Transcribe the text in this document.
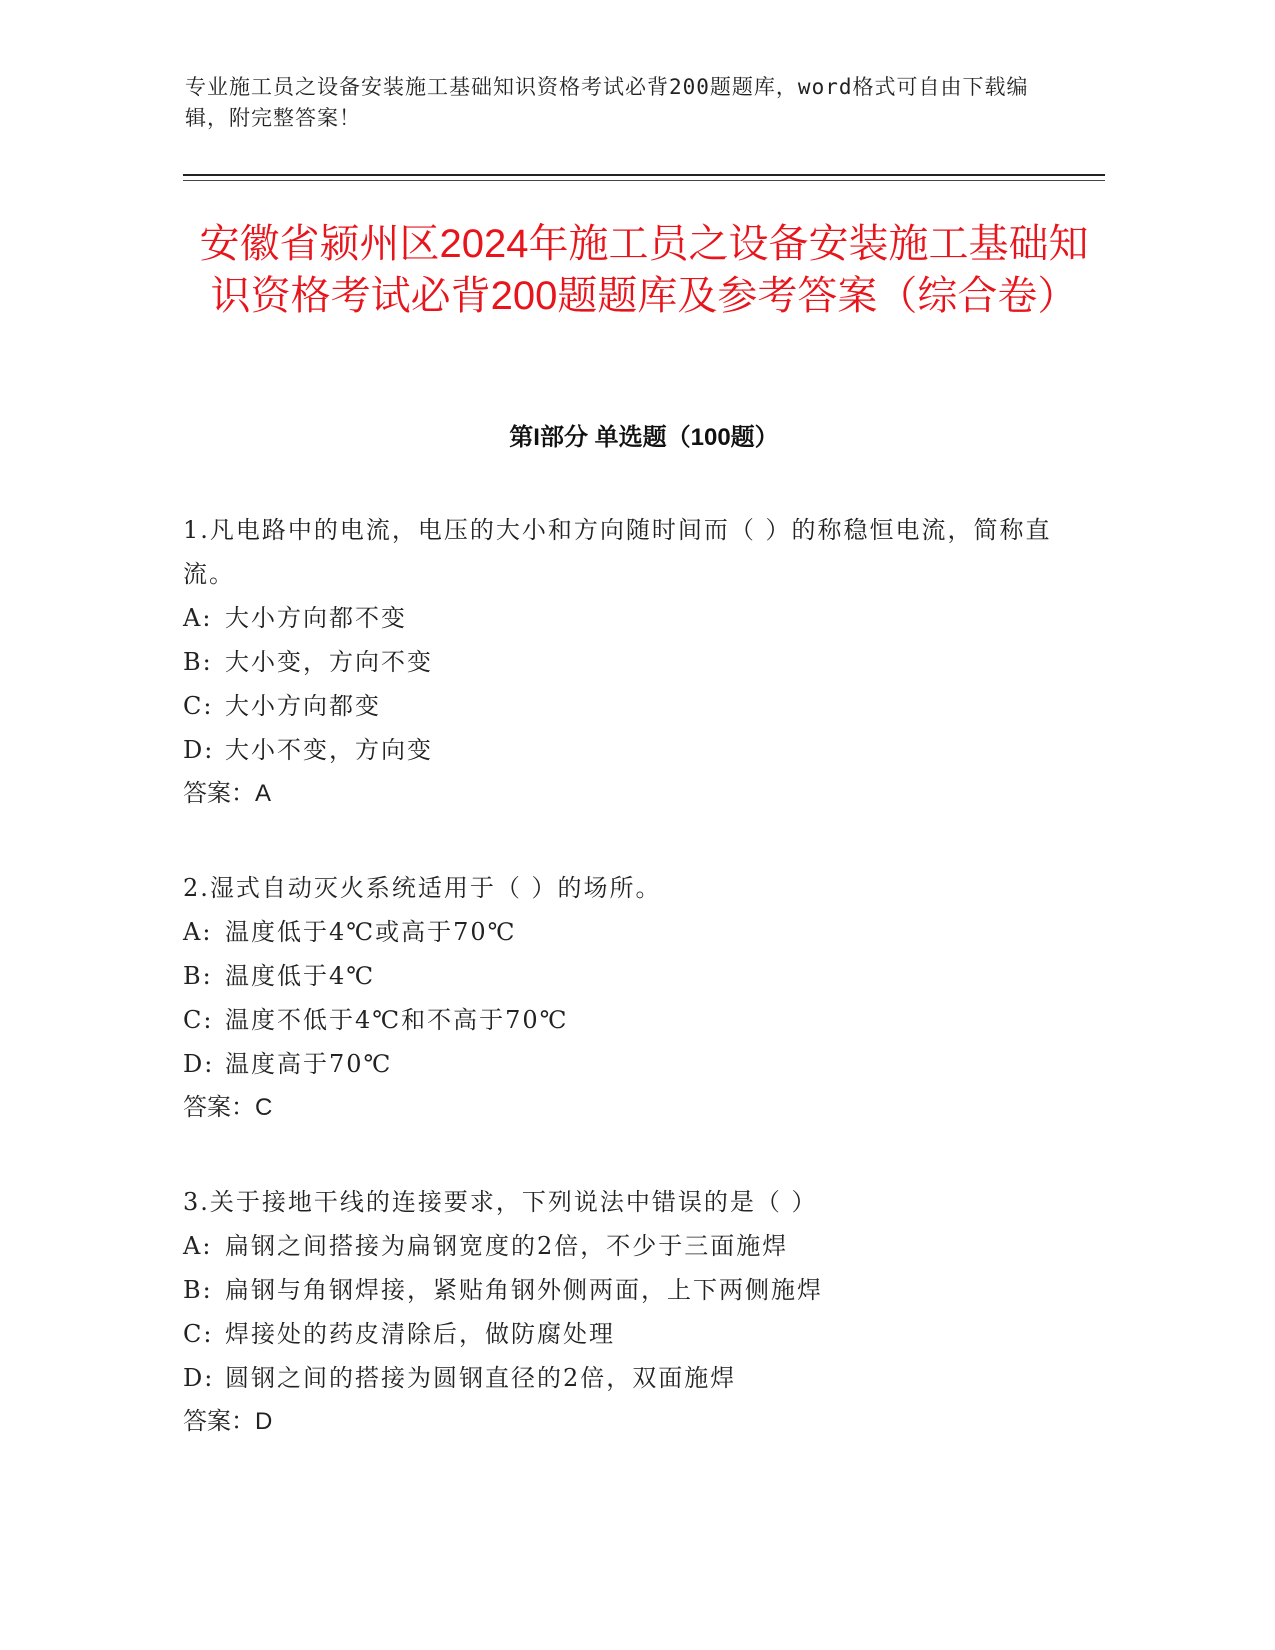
专业施工员之设备安装施工基础知识资格考试必背200题题库，word格式可自由下载编辑，附完整答案！
安徽省颍州区2024年施工员之设备安装施工基础知识资格考试必背200题题库及参考答案（综合卷）
第I部分 单选题（100题）

1.凡电路中的电流，电压的大小和方向随时间而（ ）的称稳恒电流，简称直流。

A: 大小方向都不变

B: 大小变，方向不变

C: 大小方向都变

D: 大小不变，方向变

答案：A

2.湿式自动灭火系统适用于（ ）的场所。

A: 温度低于4℃或高于70℃

B: 温度低于4℃

C: 温度不低于4℃和不高于70℃

D: 温度高于70℃

答案：C

3.关于接地干线的连接要求，下列说法中错误的是（ ）

A: 扁钢之间搭接为扁钢宽度的2倍，不少于三面施焊

B: 扁钢与角钢焊接，紧贴角钢外侧两面，上下两侧施焊

C: 焊接处的药皮清除后，做防腐处理

D: 圆钢之间的搭接为圆钢直径的2倍，双面施焊

答案：D
